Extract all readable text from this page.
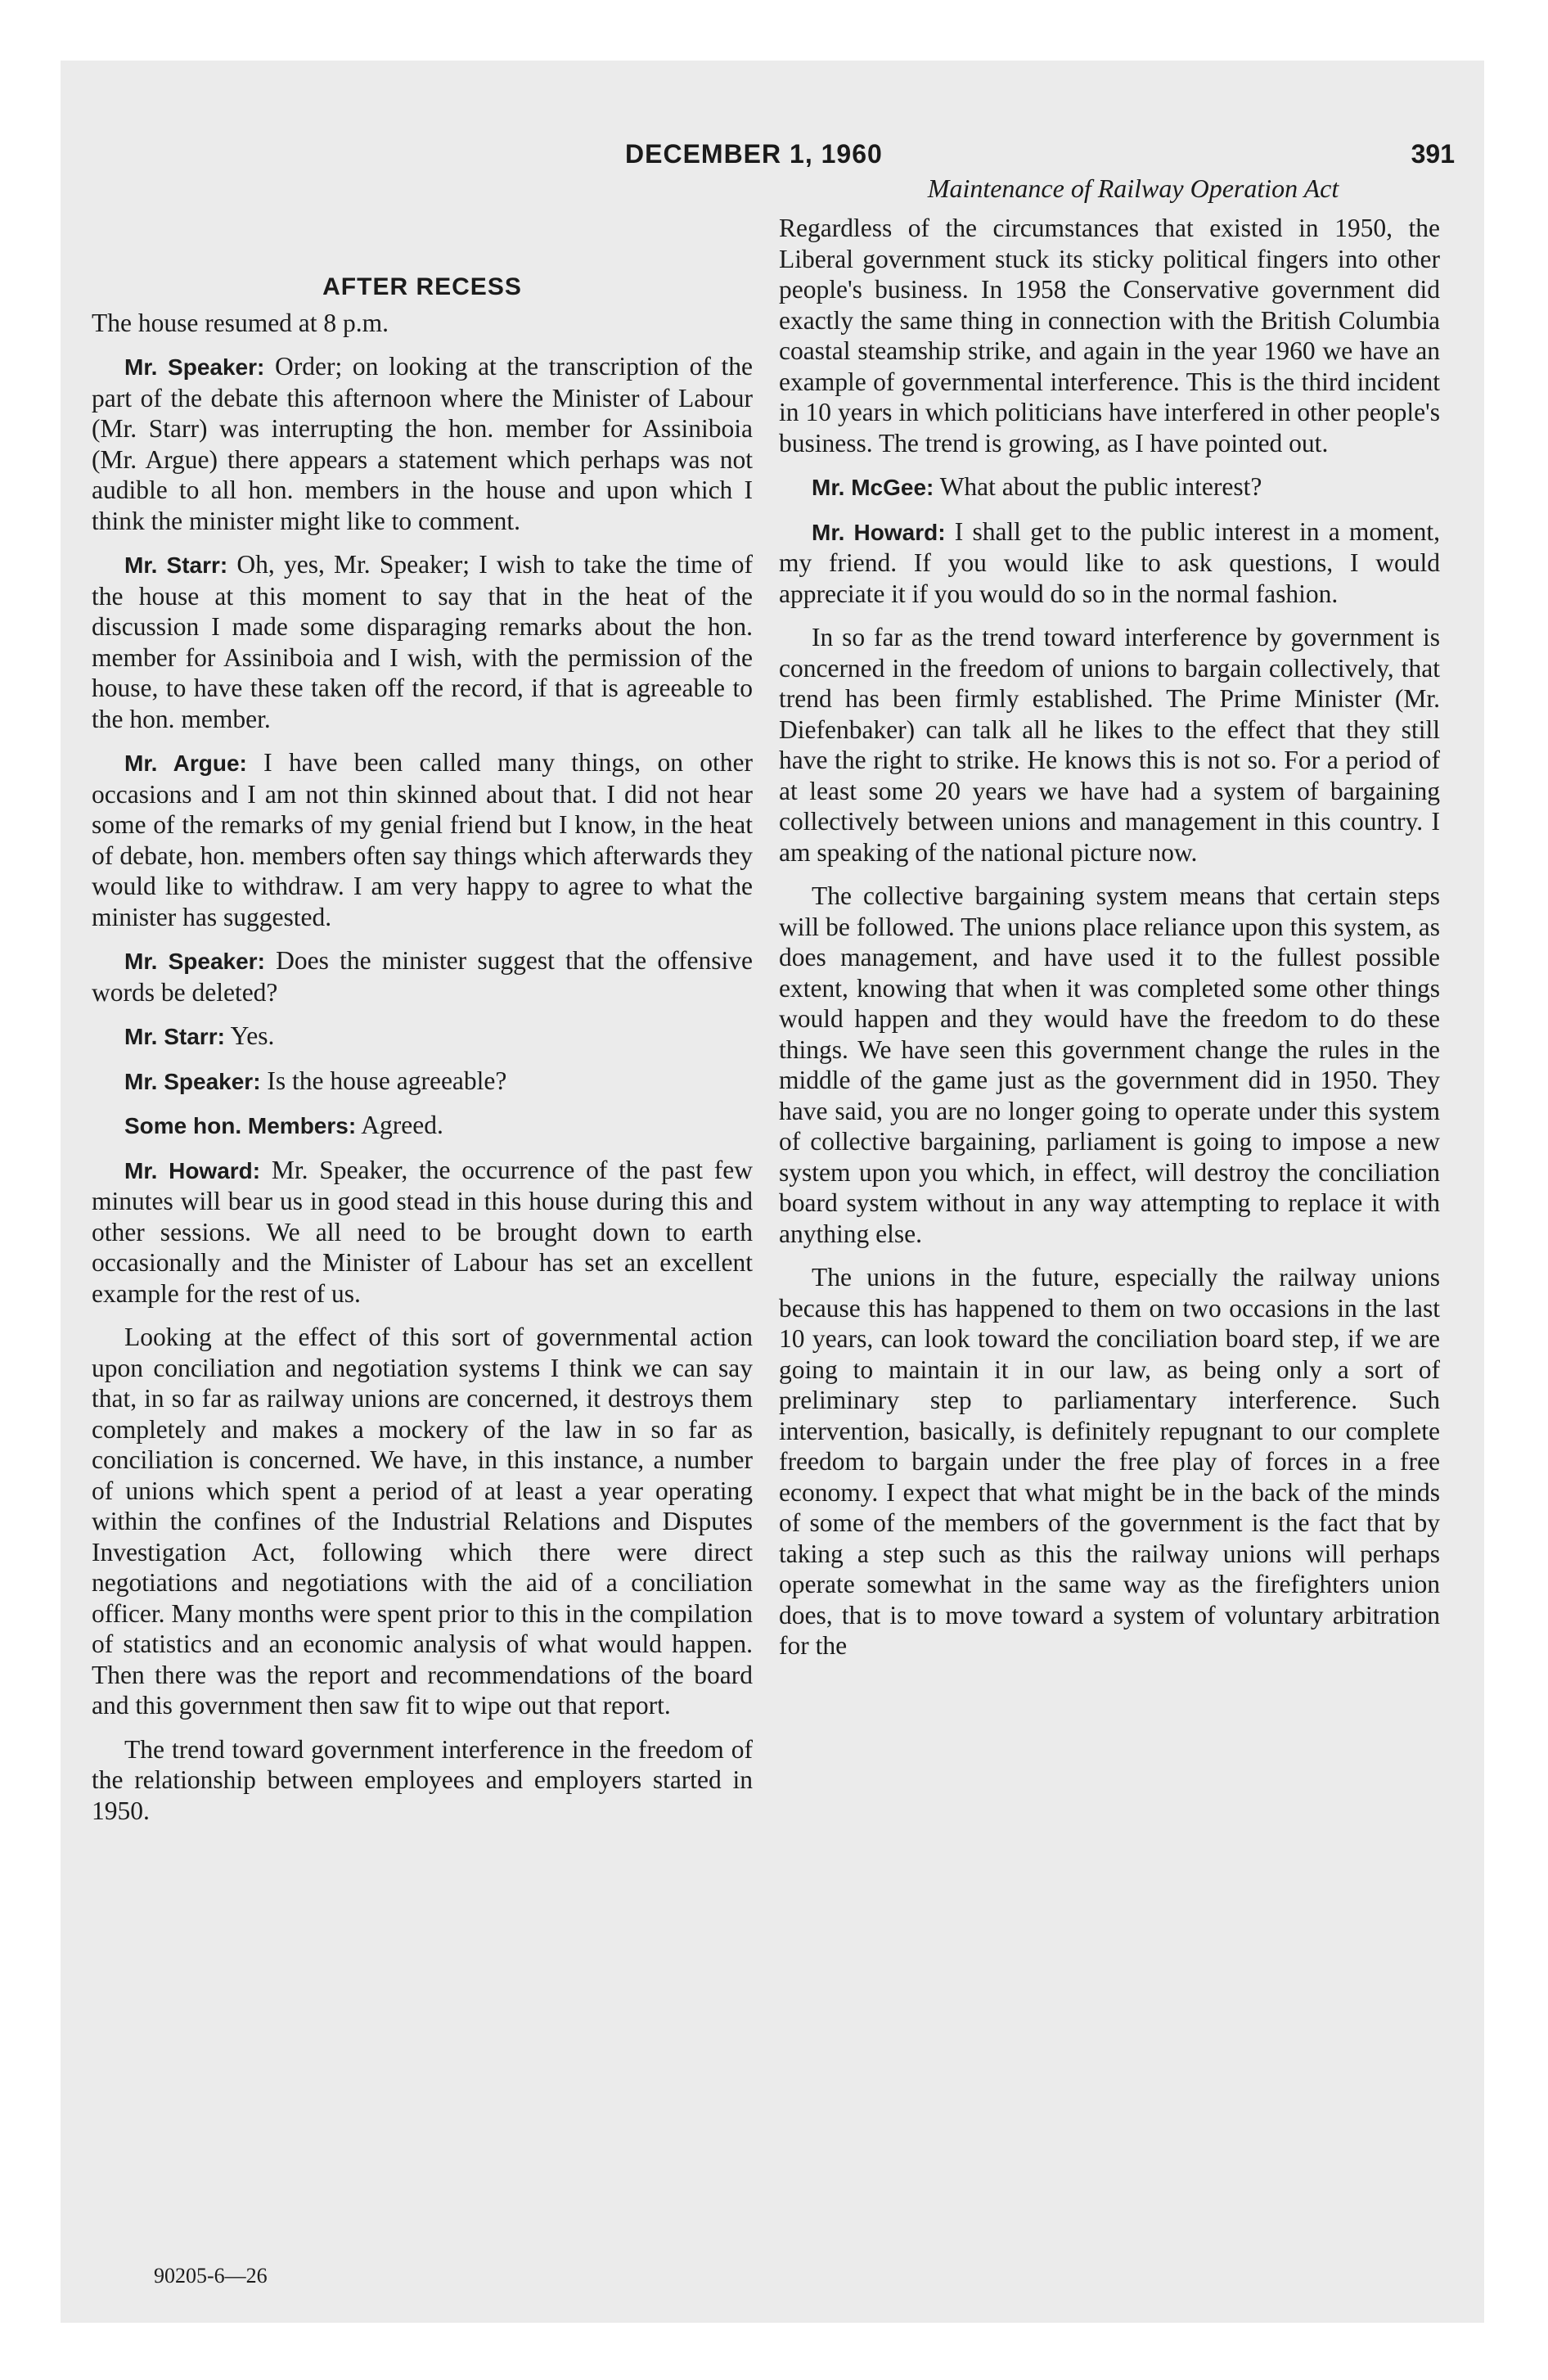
DECEMBER 1, 1960	391
Maintenance of Railway Operation Act
AFTER RECESS

The house resumed at 8 p.m.

Mr. Speaker: Order; on looking at the transcription of the part of the debate this afternoon where the Minister of Labour (Mr. Starr) was interrupting the hon. member for Assiniboia (Mr. Argue) there appears a statement which perhaps was not audible to all hon. members in the house and upon which I think the minister might like to comment.

Mr. Starr: Oh, yes, Mr. Speaker; I wish to take the time of the house at this moment to say that in the heat of the discussion I made some disparaging remarks about the hon. member for Assiniboia and I wish, with the permission of the house, to have these taken off the record, if that is agreeable to the hon. member.

Mr. Argue: I have been called many things, on other occasions and I am not thin skinned about that. I did not hear some of the remarks of my genial friend but I know, in the heat of debate, hon. members often say things which afterwards they would like to withdraw. I am very happy to agree to what the minister has suggested.

Mr. Speaker: Does the minister suggest that the offensive words be deleted?

Mr. Starr: Yes.

Mr. Speaker: Is the house agreeable?

Some hon. Members: Agreed.

Mr. Howard: Mr. Speaker, the occurrence of the past few minutes will bear us in good stead in this house during this and other sessions. We all need to be brought down to earth occasionally and the Minister of Labour has set an excellent example for the rest of us.

Looking at the effect of this sort of governmental action upon conciliation and negotiation systems I think we can say that, in so far as railway unions are concerned, it destroys them completely and makes a mockery of the law in so far as conciliation is concerned. We have, in this instance, a number of unions which spent a period of at least a year operating within the confines of the Industrial Relations and Disputes Investigation Act, following which there were direct negotiations and negotiations with the aid of a conciliation officer. Many months were spent prior to this in the compilation of statistics and an economic analysis of what would happen. Then there was the report and recommendations of the board and this government then saw fit to wipe out that report.

The trend toward government interference in the freedom of the relationship between employees and employers started in 1950.

Regardless of the circumstances that existed in 1950, the Liberal government stuck its sticky political fingers into other people's business. In 1958 the Conservative government did exactly the same thing in connection with the British Columbia coastal steamship strike, and again in the year 1960 we have an example of governmental interference. This is the third incident in 10 years in which politicians have interfered in other people's business. The trend is growing, as I have pointed out.

Mr. McGee: What about the public interest?

Mr. Howard: I shall get to the public interest in a moment, my friend. If you would like to ask questions, I would appreciate it if you would do so in the normal fashion.

In so far as the trend toward interference by government is concerned in the freedom of unions to bargain collectively, that trend has been firmly established. The Prime Minister (Mr. Diefenbaker) can talk all he likes to the effect that they still have the right to strike. He knows this is not so. For a period of at least some 20 years we have had a system of bargaining collectively between unions and management in this country. I am speaking of the national picture now.

The collective bargaining system means that certain steps will be followed. The unions place reliance upon this system, as does management, and have used it to the fullest possible extent, knowing that when it was completed some other things would happen and they would have the freedom to do these things. We have seen this government change the rules in the middle of the game just as the government did in 1950. They have said, you are no longer going to operate under this system of collective bargaining, parliament is going to impose a new system upon you which, in effect, will destroy the conciliation board system without in any way attempting to replace it with anything else.

The unions in the future, especially the railway unions because this has happened to them on two occasions in the last 10 years, can look toward the conciliation board step, if we are going to maintain it in our law, as being only a sort of preliminary step to parliamentary interference. Such intervention, basically, is definitely repugnant to our complete freedom to bargain under the free play of forces in a free economy. I expect that what might be in the back of the minds of some of the members of the government is the fact that by taking a step such as this the railway unions will perhaps operate somewhat in the same way as the firefighters union does, that is to move toward a system of voluntary arbitration for the

90205-6—26
